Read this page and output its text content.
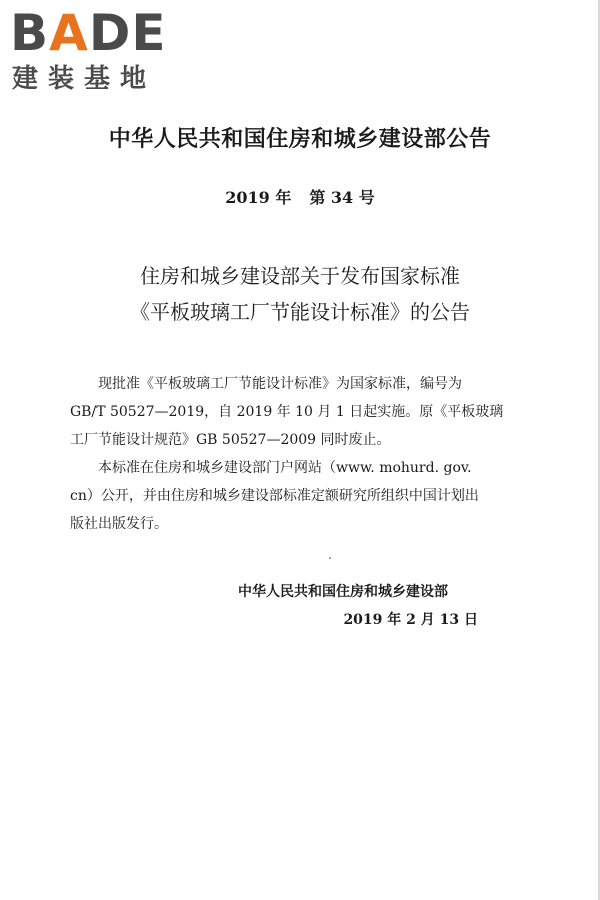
BADE
建装基地
中华人民共和国住房和城乡建设部公告
2019 年 第 34 号
住房和城乡建设部关于发布国家标准
《平板玻璃工厂节能设计标准》的公告

现批准《平板玻璃工厂节能设计标准》为国家标准，编号为

GB/T 50527—2019，自 2019 年 10 月 1 日起实施。原《平板玻璃

工厂节能设计规范》GB 50527—2009 同时废止。

本标准在住房和城乡建设部门户网站（www. mohurd. gov.

cn）公开，并由住房和城乡建设部标准定额研究所组织中国计划出

版社出版发行。

中华人民共和国住房和城乡建设部
2019 年 2 月 13 日
